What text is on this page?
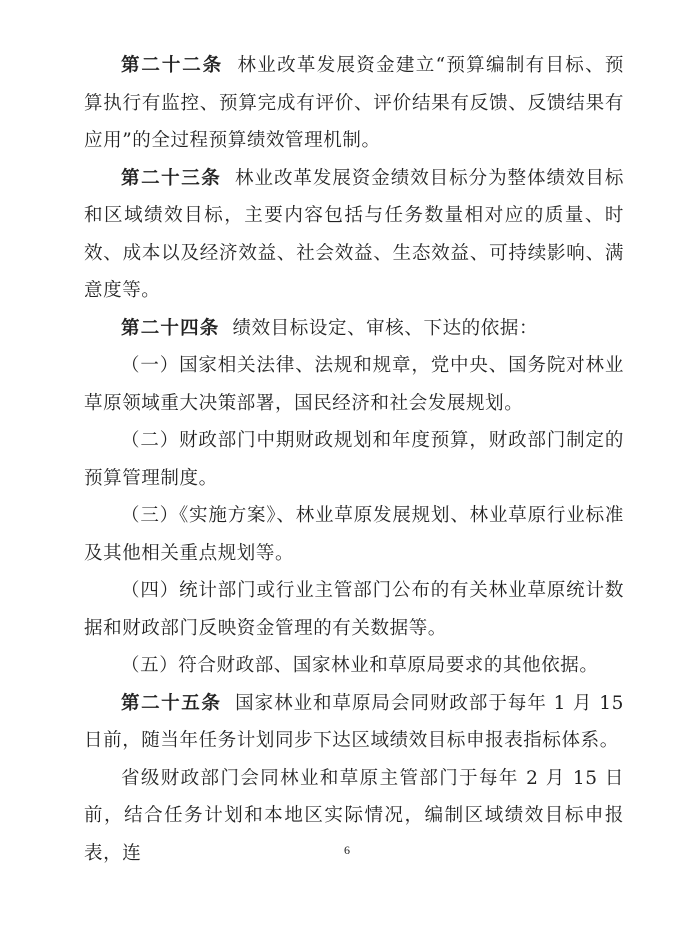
第二十二条 林业改革发展资金建立“预算编制有目标、预算执行有监控、预算完成有评价、评价结果有反馈、反馈结果有应用”的全过程预算绩效管理机制。

第二十三条 林业改革发展资金绩效目标分为整体绩效目标和区域绩效目标，主要内容包括与任务数量相对应的质量、时效、成本以及经济效益、社会效益、生态效益、可持续影响、满意度等。

第二十四条 绩效目标设定、审核、下达的依据：

（一）国家相关法律、法规和规章，党中央、国务院对林业草原领域重大决策部署，国民经济和社会发展规划。

（二）财政部门中期财政规划和年度预算，财政部门制定的预算管理制度。

（三）《实施方案》、林业草原发展规划、林业草原行业标准及其他相关重点规划等。

（四）统计部门或行业主管部门公布的有关林业草原统计数据和财政部门反映资金管理的有关数据等。

（五）符合财政部、国家林业和草原局要求的其他依据。

第二十五条 国家林业和草原局会同财政部于每年 1 月 15 日前，随当年任务计划同步下达区域绩效目标申报表指标体系。

省级财政部门会同林业和草原主管部门于每年 2 月 15 日前，结合任务计划和本地区实际情况，编制区域绩效目标申报表，连	6
